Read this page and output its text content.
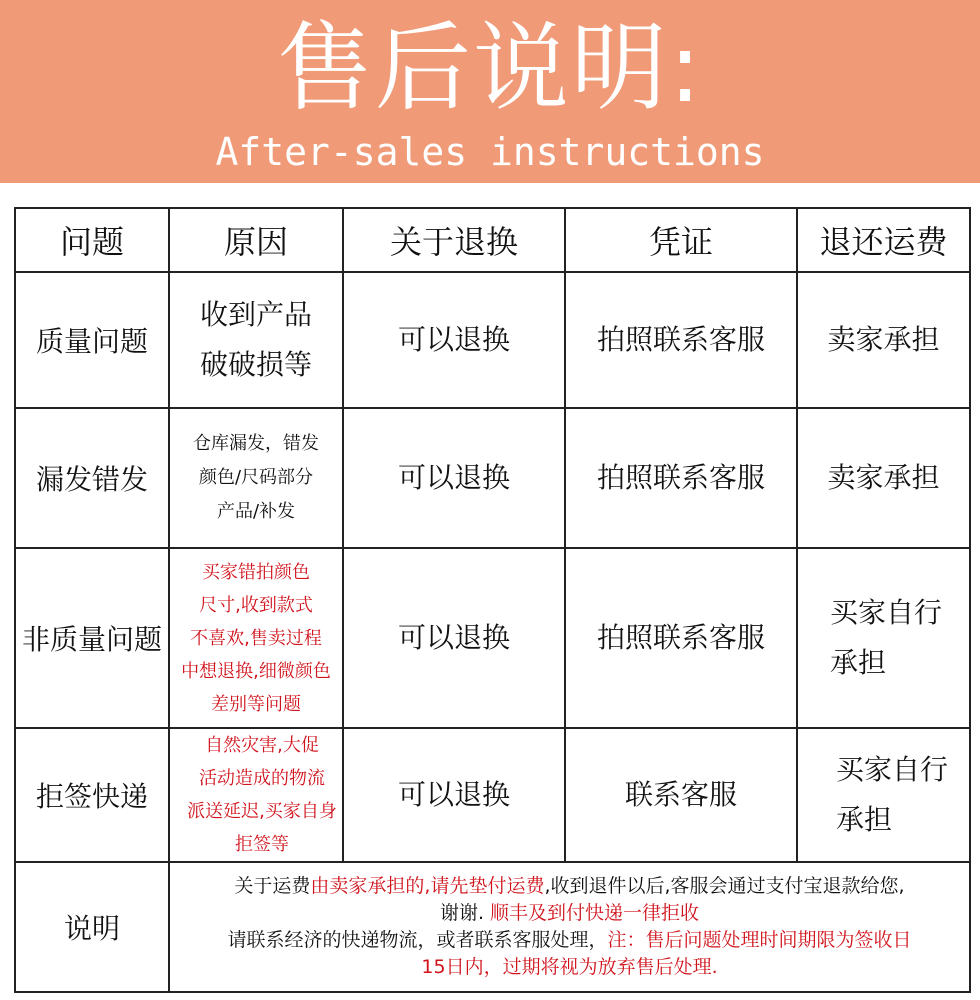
售后说明:
After-sales instructions
问题	原因	关于退换	凭证	退还运费
质量问题	收到产品
破破损等	可以退换	拍照联系客服	卖家承担

漏发错发	仓库漏发，错发
颜色/尺码部分
产品/补发	可以退换	拍照联系客服	卖家承担

非质量问题	买家错拍颜色
尺寸,收到款式
不喜欢,售卖过程
中想退换,细微颜色
差别等问题	可以退换	拍照联系客服	买家自行
承担

拒签快递	自然灾害,大促
活动造成的物流
派送延迟,买家自身
拒签等	可以退换	联系客服	买家自行
承担

说明	关于运费由卖家承担的,请先垫付运费,收到退件以后,客服会通过支付宝退款给您,
谢谢. 顺丰及到付快递一律拒收
请联系经济的快递物流，或者联系客服处理，注：售后问题处理时间期限为签收日
15日内，过期将视为放弃售后处理.			
